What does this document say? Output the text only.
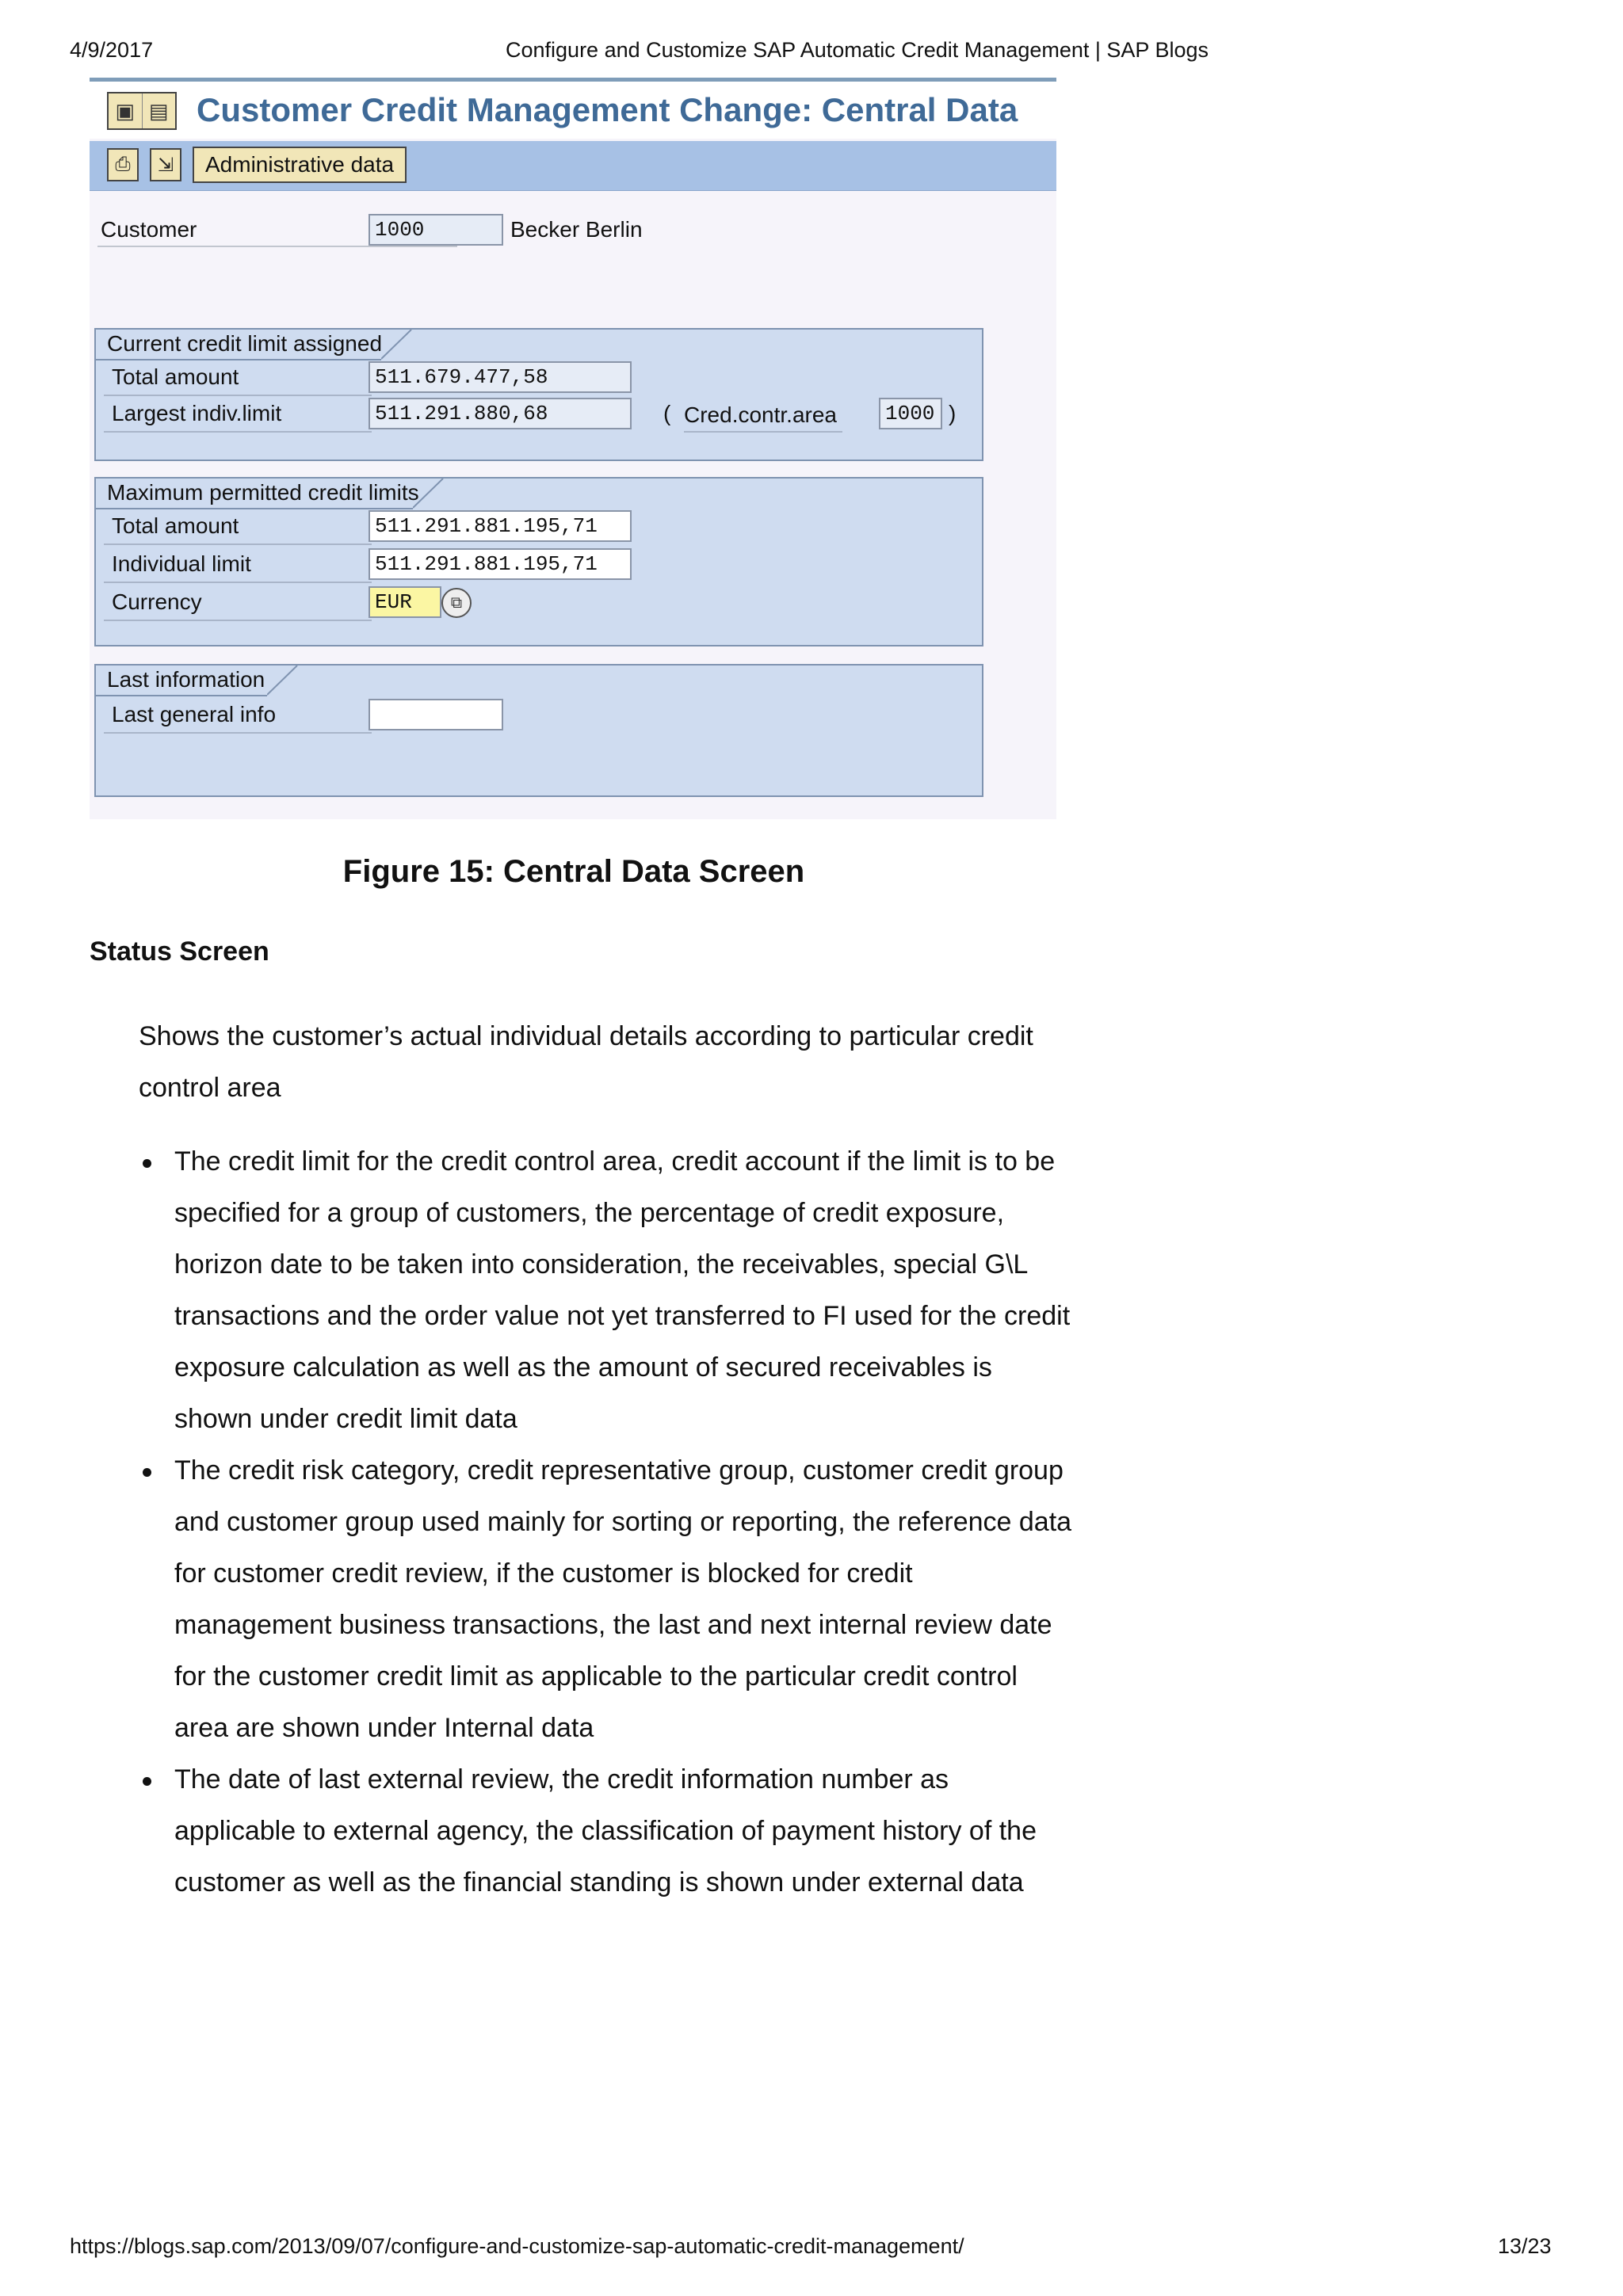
4/9/2017	Configure and Customize SAP Automatic Credit Management | SAP Blogs
▣ ▤ Customer Credit Management Change: Central Data
⎙	⇲	Administrative data
Customer	1000	Becker Berlin
Current credit limit assigned
Total amount	511.679.477,58
Largest indiv.limit	511.291.880,68	( Cred.contr.area	1000 )
Maximum permitted credit limits
Total amount	511.291.881.195,71
Individual limit	511.291.881.195,71
Currency	EUR	⧉
Last information
Last general info
Figure 15: Central Data Screen
Status Screen
Shows the customer’s actual individual details according to particular credit control area
The credit limit for the credit control area, credit account if the limit is to be specified for a group of customers, the percentage of credit exposure, horizon date to be taken into consideration, the receivables, special G\L transactions and the order value not yet transferred to FI used for the credit exposure calculation as well as the amount of secured receivables is shown under credit limit data
The credit risk category, credit representative group, customer credit group and customer group used mainly for sorting or reporting, the reference data for customer credit review, if the customer is blocked for credit management business transactions, the last and next internal review date for the customer credit limit as applicable to the particular credit control area are shown under Internal data
The date of last external review, the credit information number as applicable to external agency, the classification of payment history of the customer as well as the financial standing is shown under external data
https://blogs.sap.com/2013/09/07/configure-and-customize-sap-automatic-credit-management/	13/23
